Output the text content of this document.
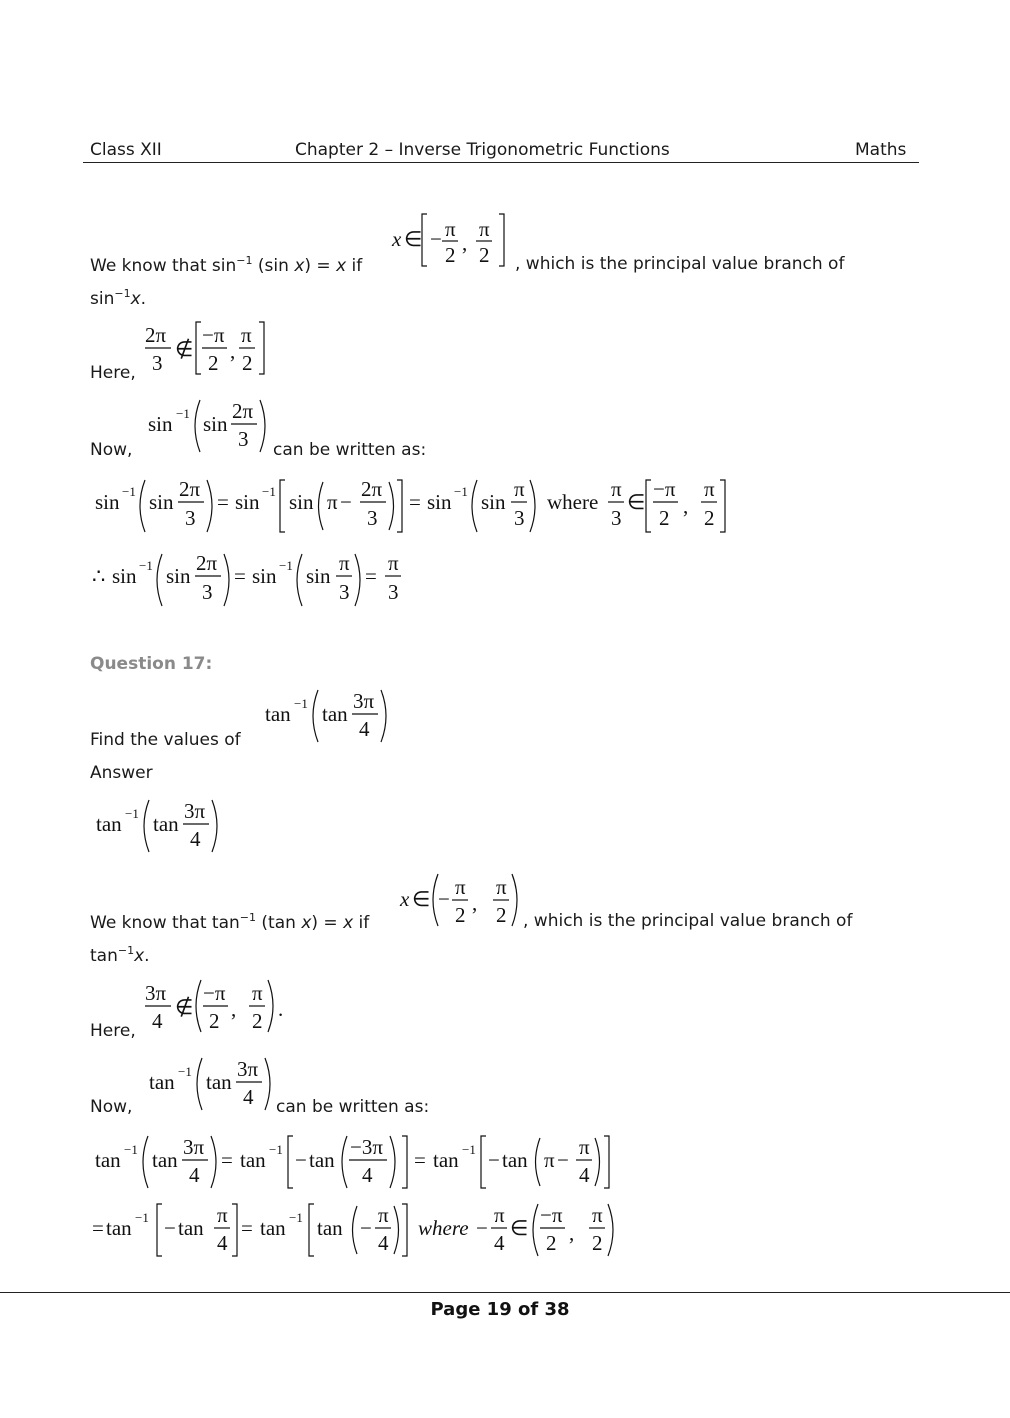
Class XII	Chapter 2 – Inverse Trigonometric Functions	Maths
We know that $\sin^{-1} (\sin$ x) = x if
x ∈ − π
2 ,
π
2 , which is the principal value branch of
$\sin^{-1}x$.
Here,
2π
3
∉
−π
2 ,
π
2
Now,
sin −1 sin
2π
3 can be written as:
sin −1 sin
2π
3
= sin −1 sin π −
2π
3
= sin −1 sin
π
3
where
π
3
∈
−π
2 ,
π
2
∴ sin −1 sin
2π
3
= sin −1 sin
π
3
=
π
3
Question 17:
Find the values of
tan −1 tan
3π
4
Answer
tan −1 tan
3π
4
We know that $\tan^{-1} (\tan$ x) = x if
x ∈ − π
2 ,
π
2 , which is the principal value branch of
$\tan^{-1}x$.
Here,
3π
4
∉
−π
2 ,
π
2 .
Now,
tan −1 tan
3π
4 can be written as:
tan −1 tan
3π
4
= tan −1 − tan
−3π
4
= tan −1 − tan π −
π
4
= tan −1 − tan
π
4
= tan −1 tan −
π
4
where −
π
4
∈
−π
2 ,
π
2
Page 19 of 38
